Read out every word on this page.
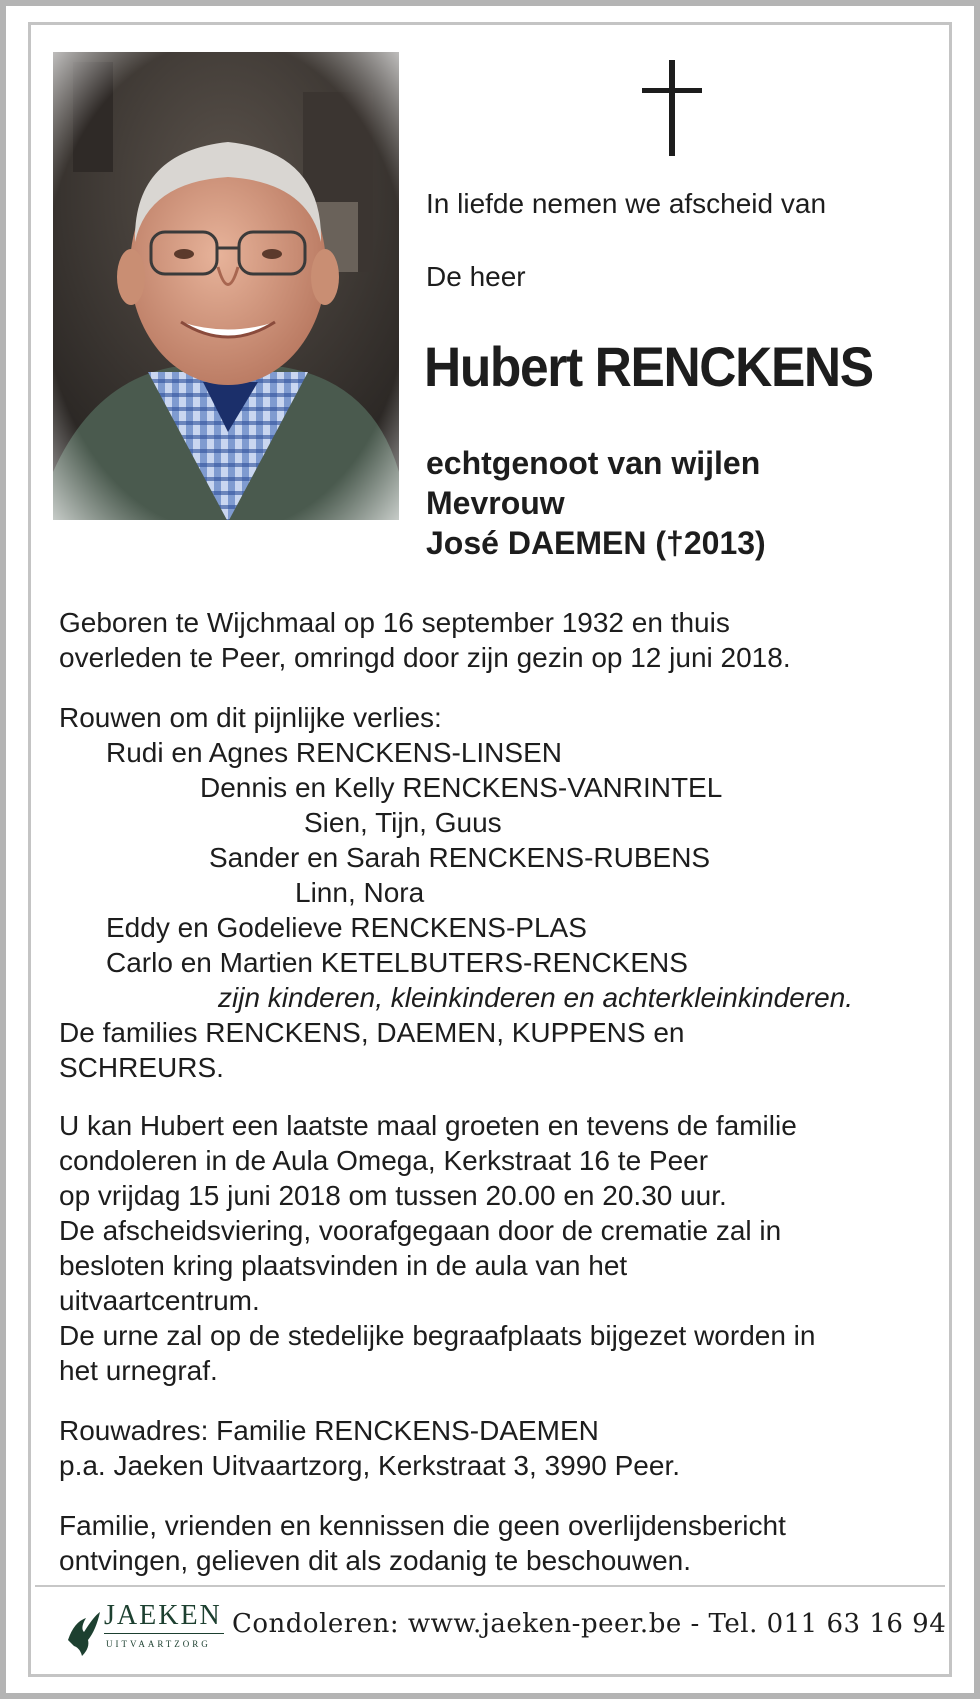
In liefde nemen we afscheid van
De heer
Hubert RENCKENS
echtgenoot van wijlen
Mevrouw
José DAEMEN (†2013)
Geboren te Wijchmaal op 16 september 1932 en thuis
overleden te Peer, omringd door zijn gezin op 12 juni 2018.
Rouwen om dit pijnlijke verlies:
Rudi en Agnes RENCKENS-LINSEN
Dennis en Kelly RENCKENS-VANRINTEL
Sien, Tijn, Guus
Sander en Sarah RENCKENS-RUBENS
Linn, Nora
Eddy en Godelieve RENCKENS-PLAS
Carlo en Martien KETELBUTERS-RENCKENS
zijn kinderen, kleinkinderen en achterkleinkinderen.
De families RENCKENS, DAEMEN, KUPPENS en
SCHREURS.
U kan Hubert een laatste maal groeten en tevens de familie
condoleren in de Aula Omega, Kerkstraat 16 te Peer
op vrijdag 15 juni 2018 om tussen 20.00 en 20.30 uur.
De afscheidsviering, voorafgegaan door de crematie zal in
besloten kring plaatsvinden in de aula van het
uitvaartcentrum.
De urne zal op de stedelijke begraafplaats bijgezet worden in
het urnegraf.
Rouwadres: Familie RENCKENS-DAEMEN
p.a. Jaeken Uitvaartzorg, Kerkstraat 3, 3990 Peer.
Familie, vrienden en kennissen die geen overlijdensbericht
ontvingen, gelieven dit als zodanig te beschouwen.
JAEKEN
UITVAARTZORG
Condoleren: www.jaeken-peer.be - Tel. 011 63 16 94
